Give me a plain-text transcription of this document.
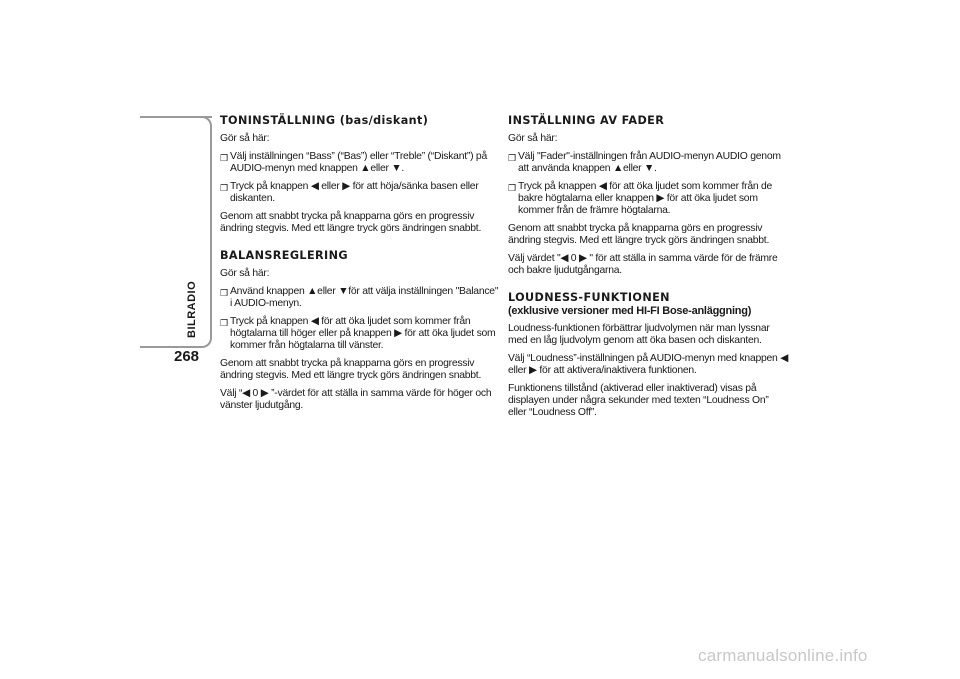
BILRADIO
268
TONINSTÄLLNING (bas/diskant)

Gör så här:

❒ Välj inställningen “Bass” (“Bas”) eller “Treble” (“Diskant”) på AUDIO-menyn med knappen ▲eller ▼.
❒ Tryck på knappen ◀ eller ▶ för att höja/sänka basen eller diskanten.

Genom att snabbt trycka på knapparna görs en progressiv ändring stegvis. Med ett längre tryck görs ändringen snabbt.

BALANSREGLERING

Gör så här:

❒ Använd knappen ▲eller ▼för att välja inställningen "Balance" i AUDIO-menyn.
❒ Tryck på knappen ◀ för att öka ljudet som kommer från högtalarna till höger eller på knappen ▶ för att öka ljudet som kommer från högtalarna till vänster.

Genom att snabbt trycka på knapparna görs en progressiv ändring stegvis. Med ett längre tryck görs ändringen snabbt.

Välj “◀ 0 ▶ ”-värdet för att ställa in samma värde för höger och vänster ljudutgång.

INSTÄLLNING AV FADER

Gör så här:

❒ Välj "Fader"-inställningen från AUDIO-menyn AUDIO genom att använda knappen ▲eller ▼.
❒ Tryck på knappen ◀ för att öka ljudet som kommer från de bakre högtalarna eller knappen ▶ för att öka ljudet som kommer från de främre högtalarna.

Genom att snabbt trycka på knapparna görs en progressiv ändring stegvis. Med ett längre tryck görs ändringen snabbt.

Välj värdet "◀ 0 ▶ " för att ställa in samma värde för de främre och bakre ljudutgångarna.

LOUDNESS-FUNKTIONEN
(exklusive versioner med HI-FI Bose-anläggning)

Loudness-funktionen förbättrar ljudvolymen när man lyssnar med en låg ljudvolym genom att öka basen och diskanten.

Välj “Loudness”-inställningen på AUDIO-menyn med knappen ◀ eller ▶ för att aktivera/inaktivera funktionen.

Funktionens tillstånd (aktiverad eller inaktiverad) visas på displayen under några sekunder med texten “Loudness On” eller “Loudness Off”.

carmanualsonline.info
